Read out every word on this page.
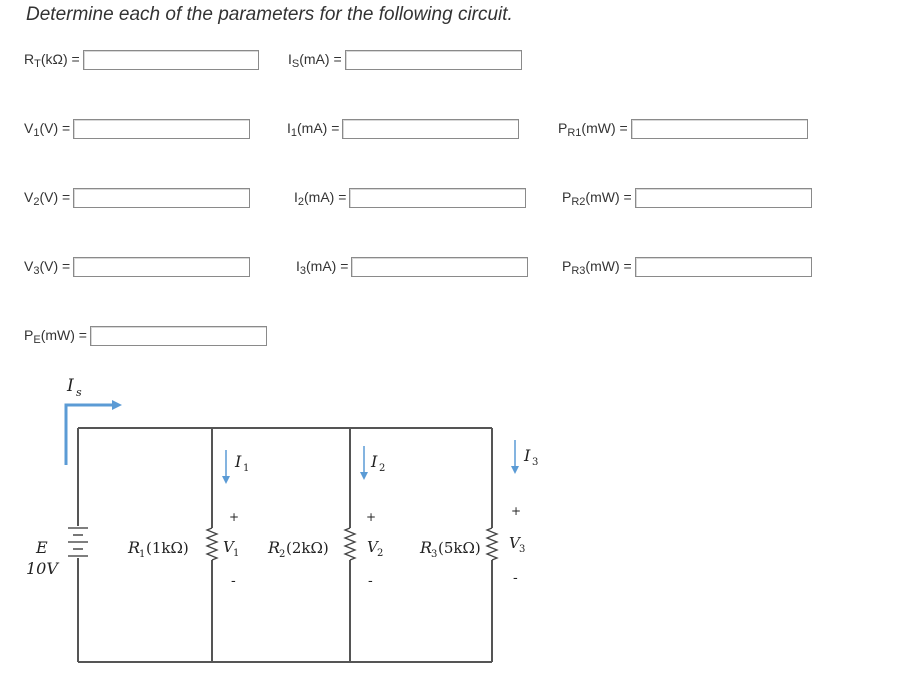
Determine each of the parameters for the following circuit.
$R_T(k\Omega)$ =	$I_S(mA)$ =
$V_1(V)$ =	$I_1(mA)$ =	$P_{R1}(mW)$ =
$V_2(V)$ =	$I_2(mA)$ =	$P_{R2}(mW)$ =
$V_3(V)$ =	$I_3(mA)$ =	$P_{R3}(mW)$ =
$P_E(mW)$ =
I s
I 1	I 2
I 3
+	+	+
-	-	-
V 1	V 2
V 3
R
1 (1kΩ)	R
2 (2kΩ)	R
3 (5kΩ)
E
10V
